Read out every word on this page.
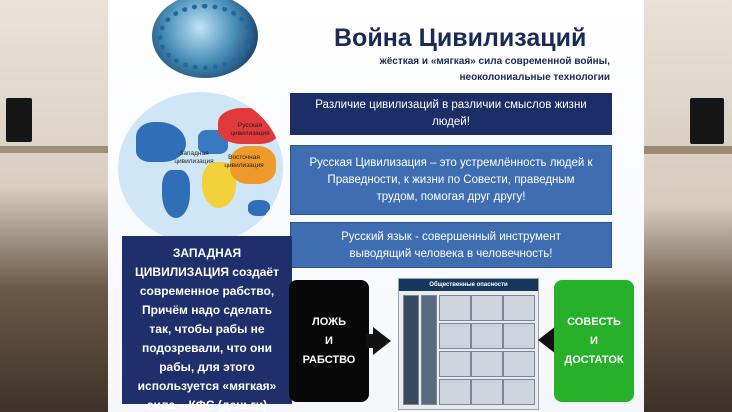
Война Цивилизаций
жёсткая и «мягкая» сила современной войны,
неоколониальные технологии
Русская цивилизация
Западная цивилизация
Восточная цивилизация
Различие цивилизаций в различии смыслов жизни
людей!
Русская Цивилизация – это устремлённость людей к
Праведности, к жизни по Совести, праведным
трудом, помогая друг другу!
Русский язык - совершенный инструмент
выводящий человека в человечность!
ЗАПАДНАЯ
ЦИВИЛИЗАЦИЯ создаёт
современное рабство,
Причём надо сделать
так, чтобы рабы не
подозревали, что они
рабы, для этого
используется «мягкая»
сила – КФС (деньги)
ЛОЖЬ
И
РАБСТВО
Общественные опасности
СОВЕСТЬ
И
ДОСТАТОК
